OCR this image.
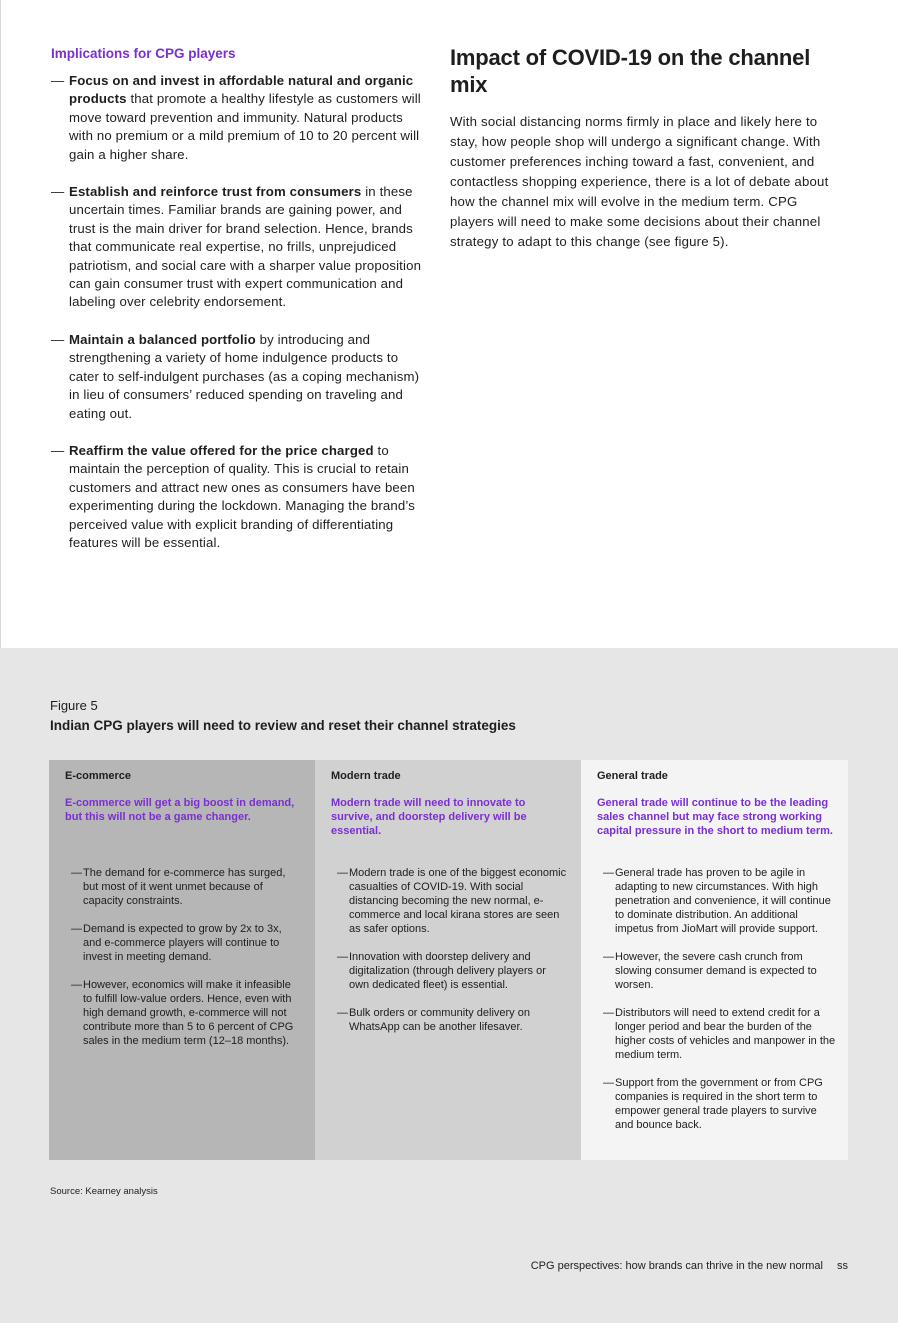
Implications for CPG players
— Focus on and invest in affordable natural and organic products that promote a healthy lifestyle as customers will move toward prevention and immunity. Natural products with no premium or a mild premium of 10 to 20 percent will gain a higher share.
— Establish and reinforce trust from consumers in these uncertain times. Familiar brands are gaining power, and trust is the main driver for brand selection. Hence, brands that communicate real expertise, no frills, unprejudiced patriotism, and social care with a sharper value proposition can gain consumer trust with expert communication and labeling over celebrity endorsement.
— Maintain a balanced portfolio by introducing and strengthening a variety of home indulgence products to cater to self-indulgent purchases (as a coping mechanism) in lieu of consumers’ reduced spending on traveling and eating out.
— Reaffirm the value offered for the price charged to maintain the perception of quality. This is crucial to retain customers and attract new ones as consumers have been experimenting during the lockdown. Managing the brand’s perceived value with explicit branding of differentiating features will be essential.
Impact of COVID-19 on the channel mix

With social distancing norms firmly in place and likely here to stay, how people shop will undergo a significant change. With customer preferences inching toward a fast, convenient, and contactless shopping experience, there is a lot of debate about how the channel mix will evolve in the medium term. CPG players will need to make some decisions about their channel strategy to adapt to this change (see figure 5).

Figure 5
Indian CPG players will need to review and reset their channel strategies
E-commerce

E-commerce will get a big boost in demand, but this will not be a game changer.

— The demand for e-commerce has surged, but most of it went unmet because of capacity constraints.
— Demand is expected to grow by 2x to 3x, and e-commerce players will continue to invest in meeting demand.
— However, economics will make it infeasible to fulfill low-value orders. Hence, even with high demand growth, e-commerce will not contribute more than 5 to 6 percent of CPG sales in the medium term (12–18 months).
Modern trade

Modern trade will need to innovate to survive, and doorstep delivery will be essential.

— Modern trade is one of the biggest economic casualties of COVID-19. With social distancing becoming the new normal, e-commerce and local kirana stores are seen as safer options.
— Innovation with doorstep delivery and digitalization (through delivery players or own dedicated fleet) is essential.
— Bulk orders or community delivery on WhatsApp can be another lifesaver.
General trade

General trade will continue to be the leading sales channel but may face strong working capital pressure in the short to medium term.

— General trade has proven to be agile in adapting to new circumstances. With high penetration and convenience, it will continue to dominate distribution. An additional impetus from JioMart will provide support.
— However, the severe cash crunch from slowing consumer demand is expected to worsen.
— Distributors will need to extend credit for a longer period and bear the burden of the higher costs of vehicles and manpower in the medium term.
— Support from the government or from CPG companies is required in the short term to empower general trade players to survive and bounce back.
Source: Kearney analysis
CPG perspectives: how brands can thrive in the new normal ss
